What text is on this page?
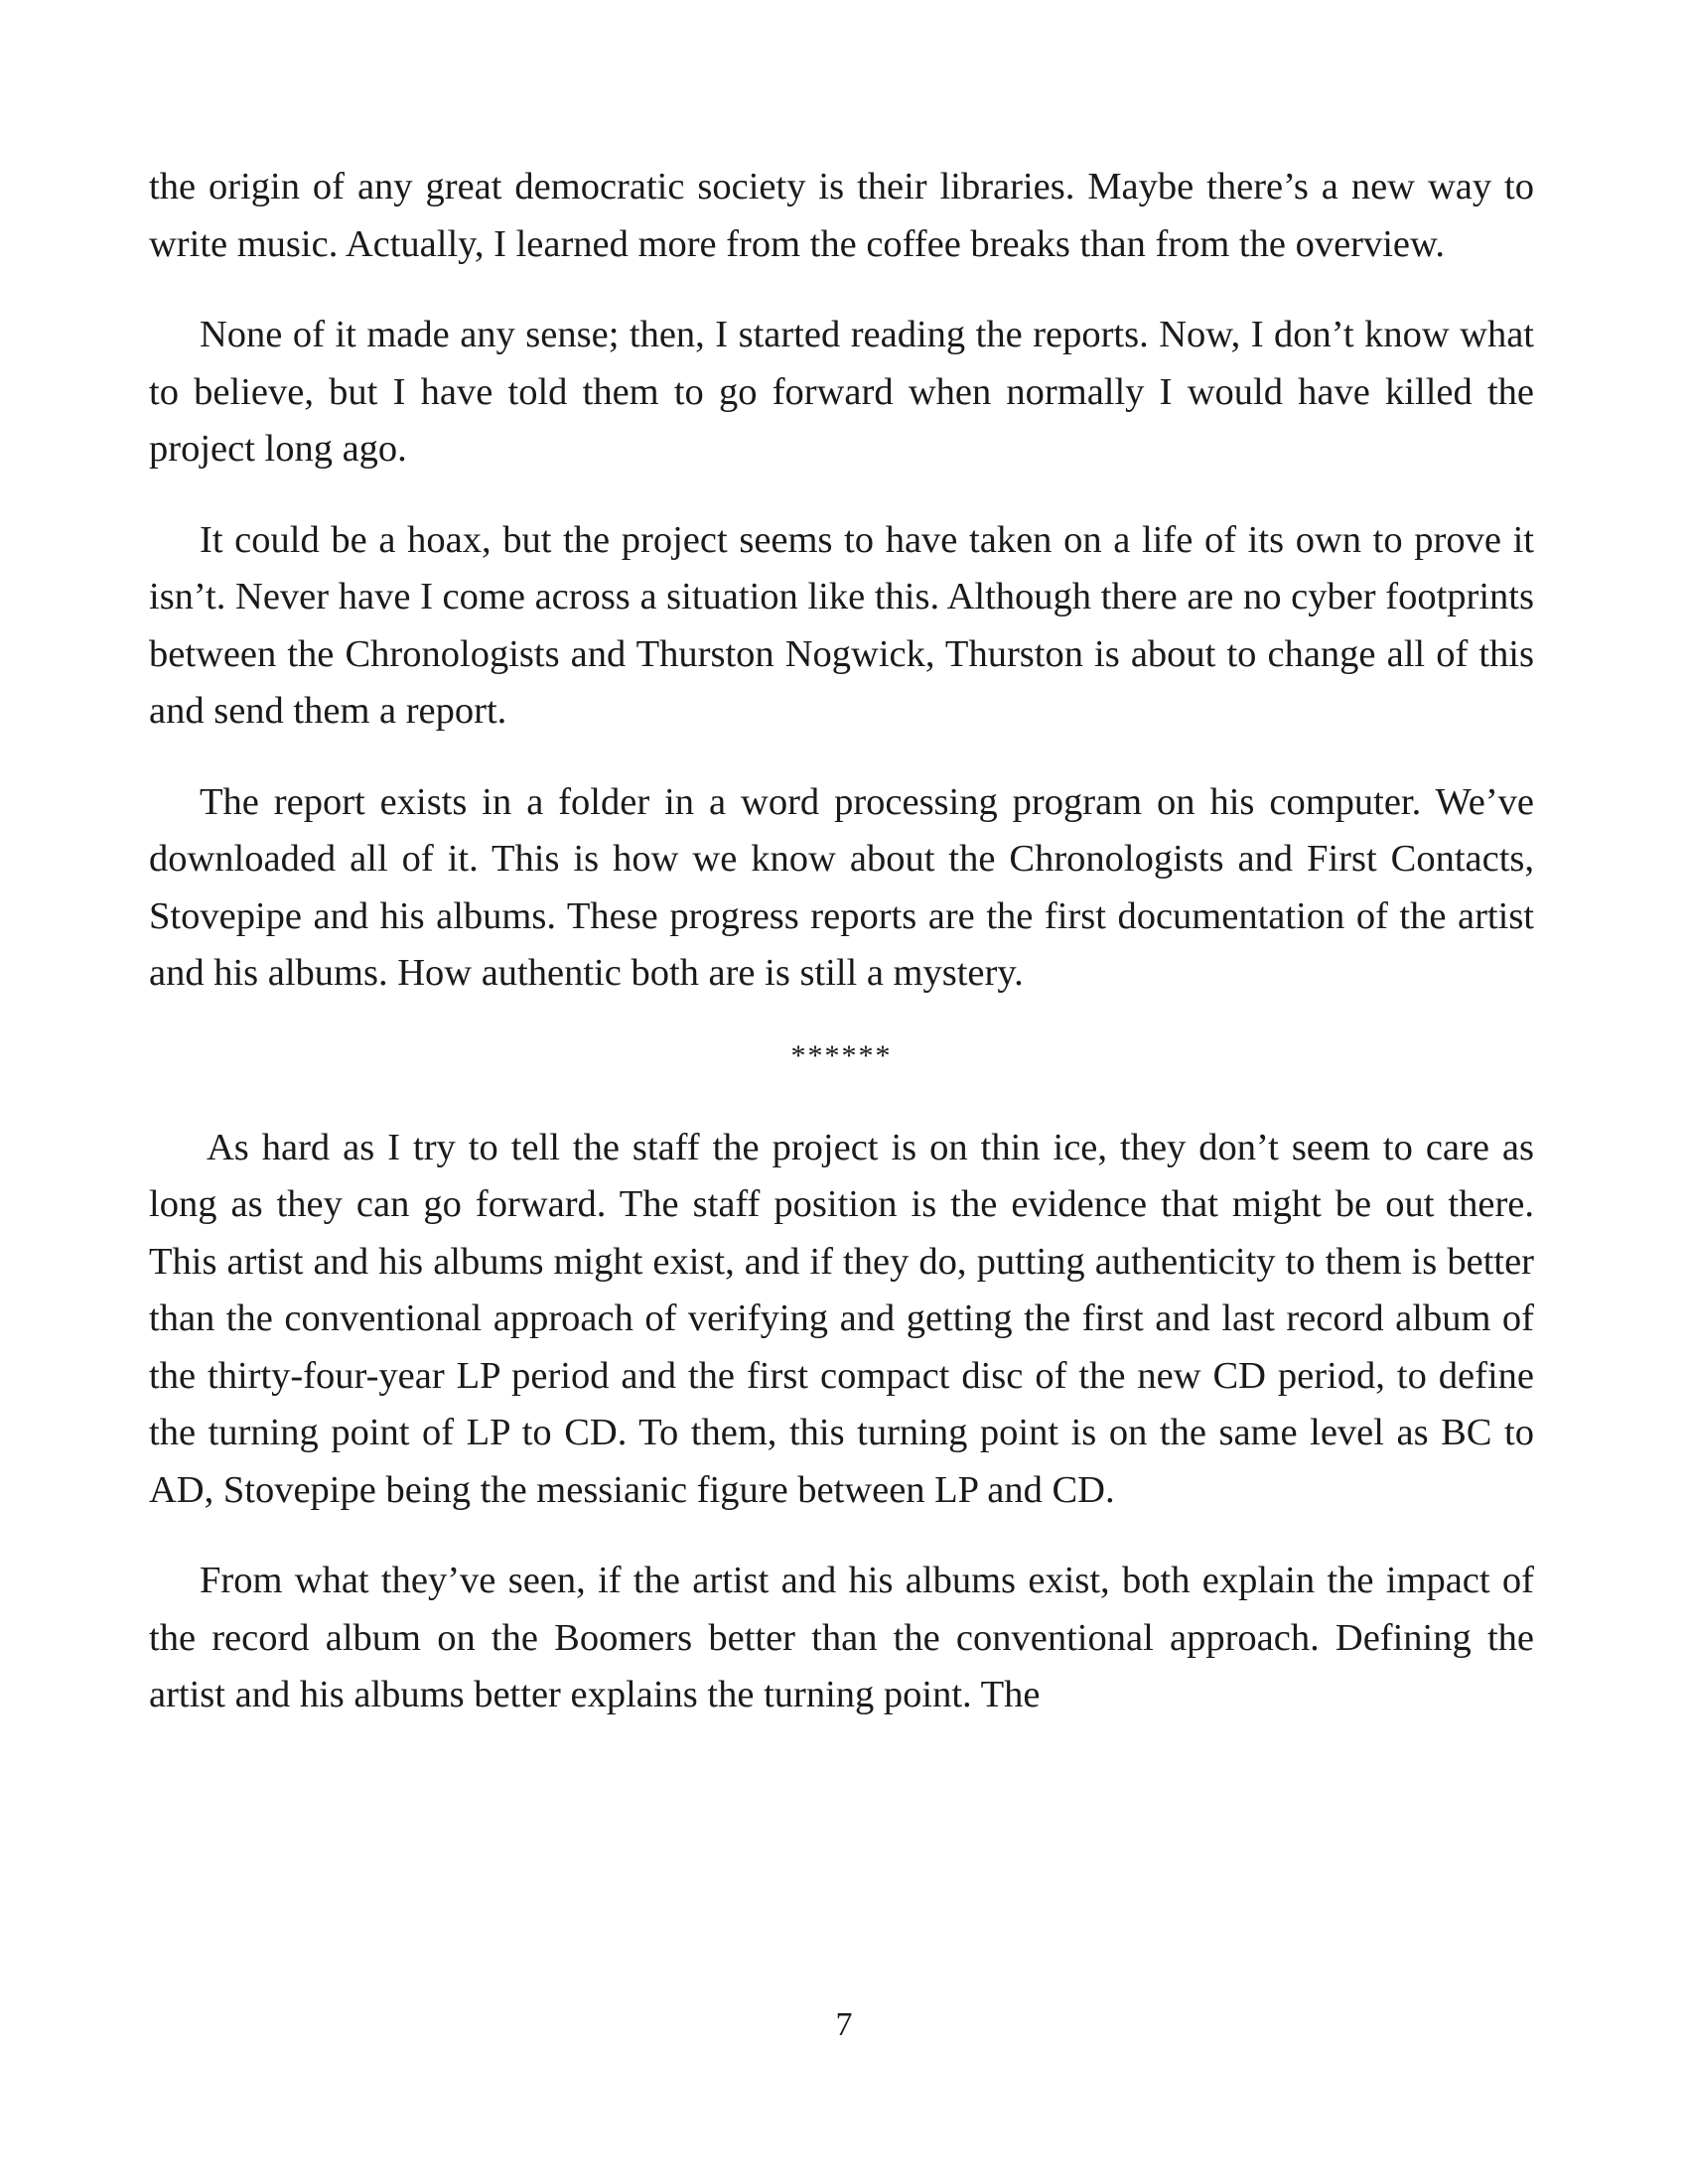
the origin of any great democratic society is their libraries. Maybe there’s a new way to write music. Actually, I learned more from the coffee breaks than from the overview.

None of it made any sense; then, I started reading the reports. Now, I don’t know what to believe, but I have told them to go forward when normally I would have killed the project long ago.

It could be a hoax, but the project seems to have taken on a life of its own to prove it isn’t. Never have I come across a situation like this. Although there are no cyber footprints between the Chronologists and Thurston Nogwick, Thurston is about to change all of this and send them a report.

The report exists in a folder in a word processing program on his computer. We’ve downloaded all of it. This is how we know about the Chronologists and First Contacts, Stovepipe and his albums. These progress reports are the first documentation of the artist and his albums. How authentic both are is still a mystery.

******

As hard as I try to tell the staff the project is on thin ice, they don’t seem to care as long as they can go forward. The staff position is the evidence that might be out there. This artist and his albums might exist, and if they do, putting authenticity to them is better than the conventional approach of verifying and getting the first and last record album of the thirty-four-year LP period and the first compact disc of the new CD period, to define the turning point of LP to CD. To them, this turning point is on the same level as BC to AD, Stovepipe being the messianic figure between LP and CD.

From what they’ve seen, if the artist and his albums exist, both explain the impact of the record album on the Boomers better than the conventional approach. Defining the artist and his albums better explains the turning point. The

7
